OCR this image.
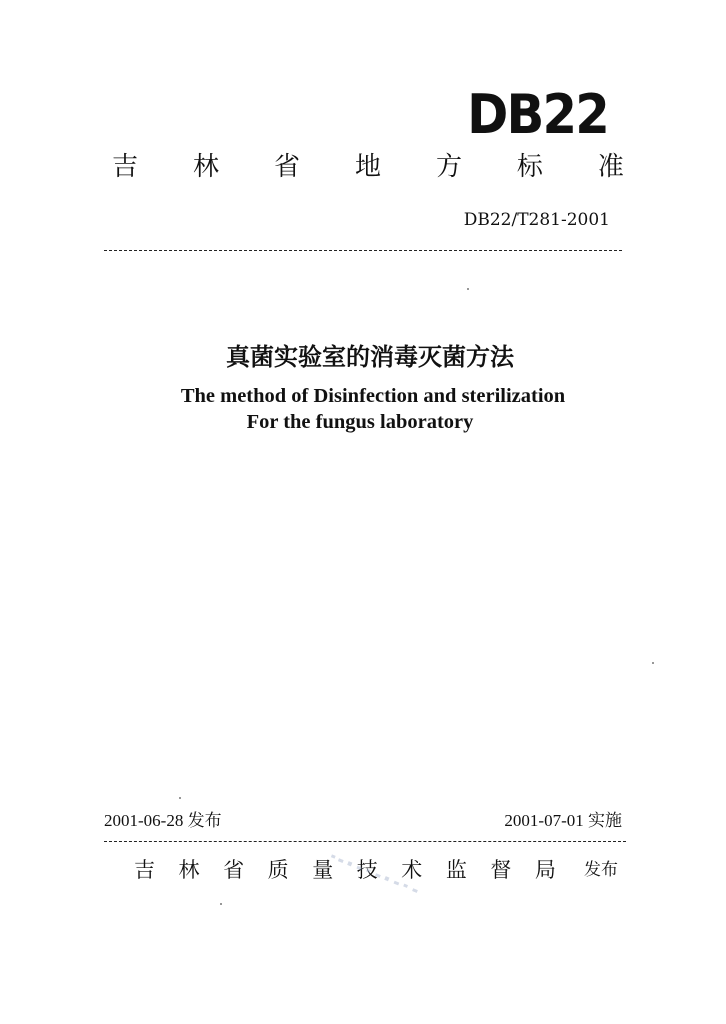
DB22
吉 林 省 地 方 标 准
DB22/T281-2001
真菌实验室的消毒灭菌方法
The method of Disinfection and sterilization
For the fungus laboratory
2001-06-28 发布	2001-07-01 实施
吉 林 省 质 量 技 术 监 督 局 发布
